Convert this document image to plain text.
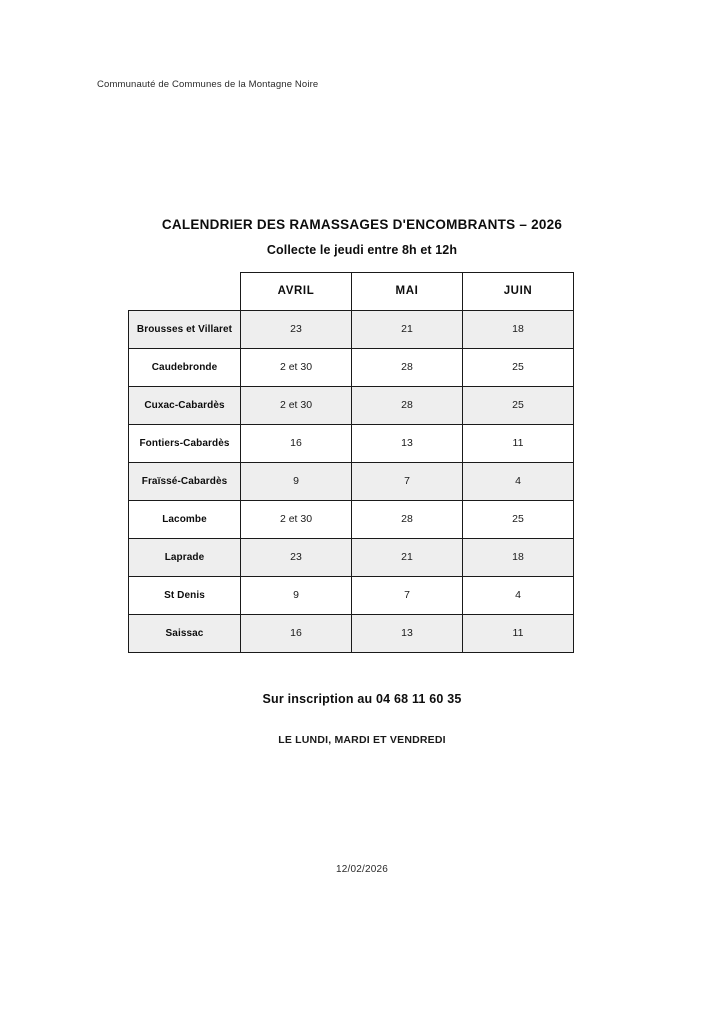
Communauté de Communes de la Montagne Noire
CALENDRIER DES RAMASSAGES D'ENCOMBRANTS – 2026
Collecte le jeudi entre 8h et 12h
	AVRIL	MAI	JUIN
Brousses et Villaret	23	21	18
Caudebronde	2 et 30	28	25
Cuxac-Cabardès	2 et 30	28	25
Fontiers-Cabardès	16	13	11
Fraïssé-Cabardès	9	7	4
Lacombe	2 et 30	28	25
Laprade	23	21	18
St Denis	9	7	4
Saissac	16	13	11
Sur inscription au 04 68 11 60 35
LE LUNDI, MARDI ET VENDREDI
12/02/2026
